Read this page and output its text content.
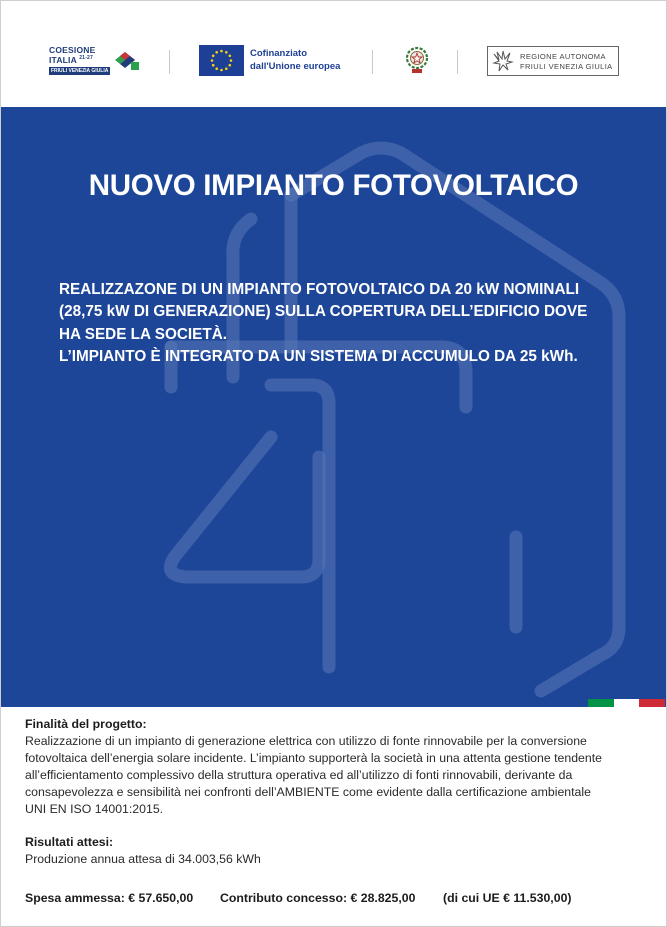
COESIONE
ITALIA $^{21-27}$
FRIULI VENEZIA GIULIA
Cofinanziato
dall'Unione europea
REGIONE AUTONOMA
FRIULI VENEZIA GIULIA
NUOVO IMPIANTO FOTOVOLTAICO
REALIZZAZONE DI UN IMPIANTO FOTOVOLTAICO DA 20 kW NOMINALI
(28,75 kW DI GENERAZIONE) SULLA COPERTURA DELL’EDIFICIO DOVE
HA SEDE LA SOCIETÀ.
L’IMPIANTO È INTEGRATO DA UN SISTEMA DI ACCUMULO DA 25 kWh.
Finalità del progetto:
Realizzazione di un impianto di generazione elettrica con utilizzo di fonte rinnovabile per la conversione
fotovoltaica dell’energia solare incidente. L’impianto supporterà la società in una attenta gestione tendente
all’efficientamento complessivo della struttura operativa ed all’utilizzo di fonti rinnovabili, derivante da
consapevolezza e sensibilità nei confronti dell’AMBIENTE come evidente dalla certificazione ambientale
UNI EN ISO 14001:2015.
Risultati attesi:
Produzione annua attesa di 34.003,56 kWh
Spesa ammessa: € 57.650,00 Contributo concesso: € 28.825,00 (di cui UE € 11.530,00)
